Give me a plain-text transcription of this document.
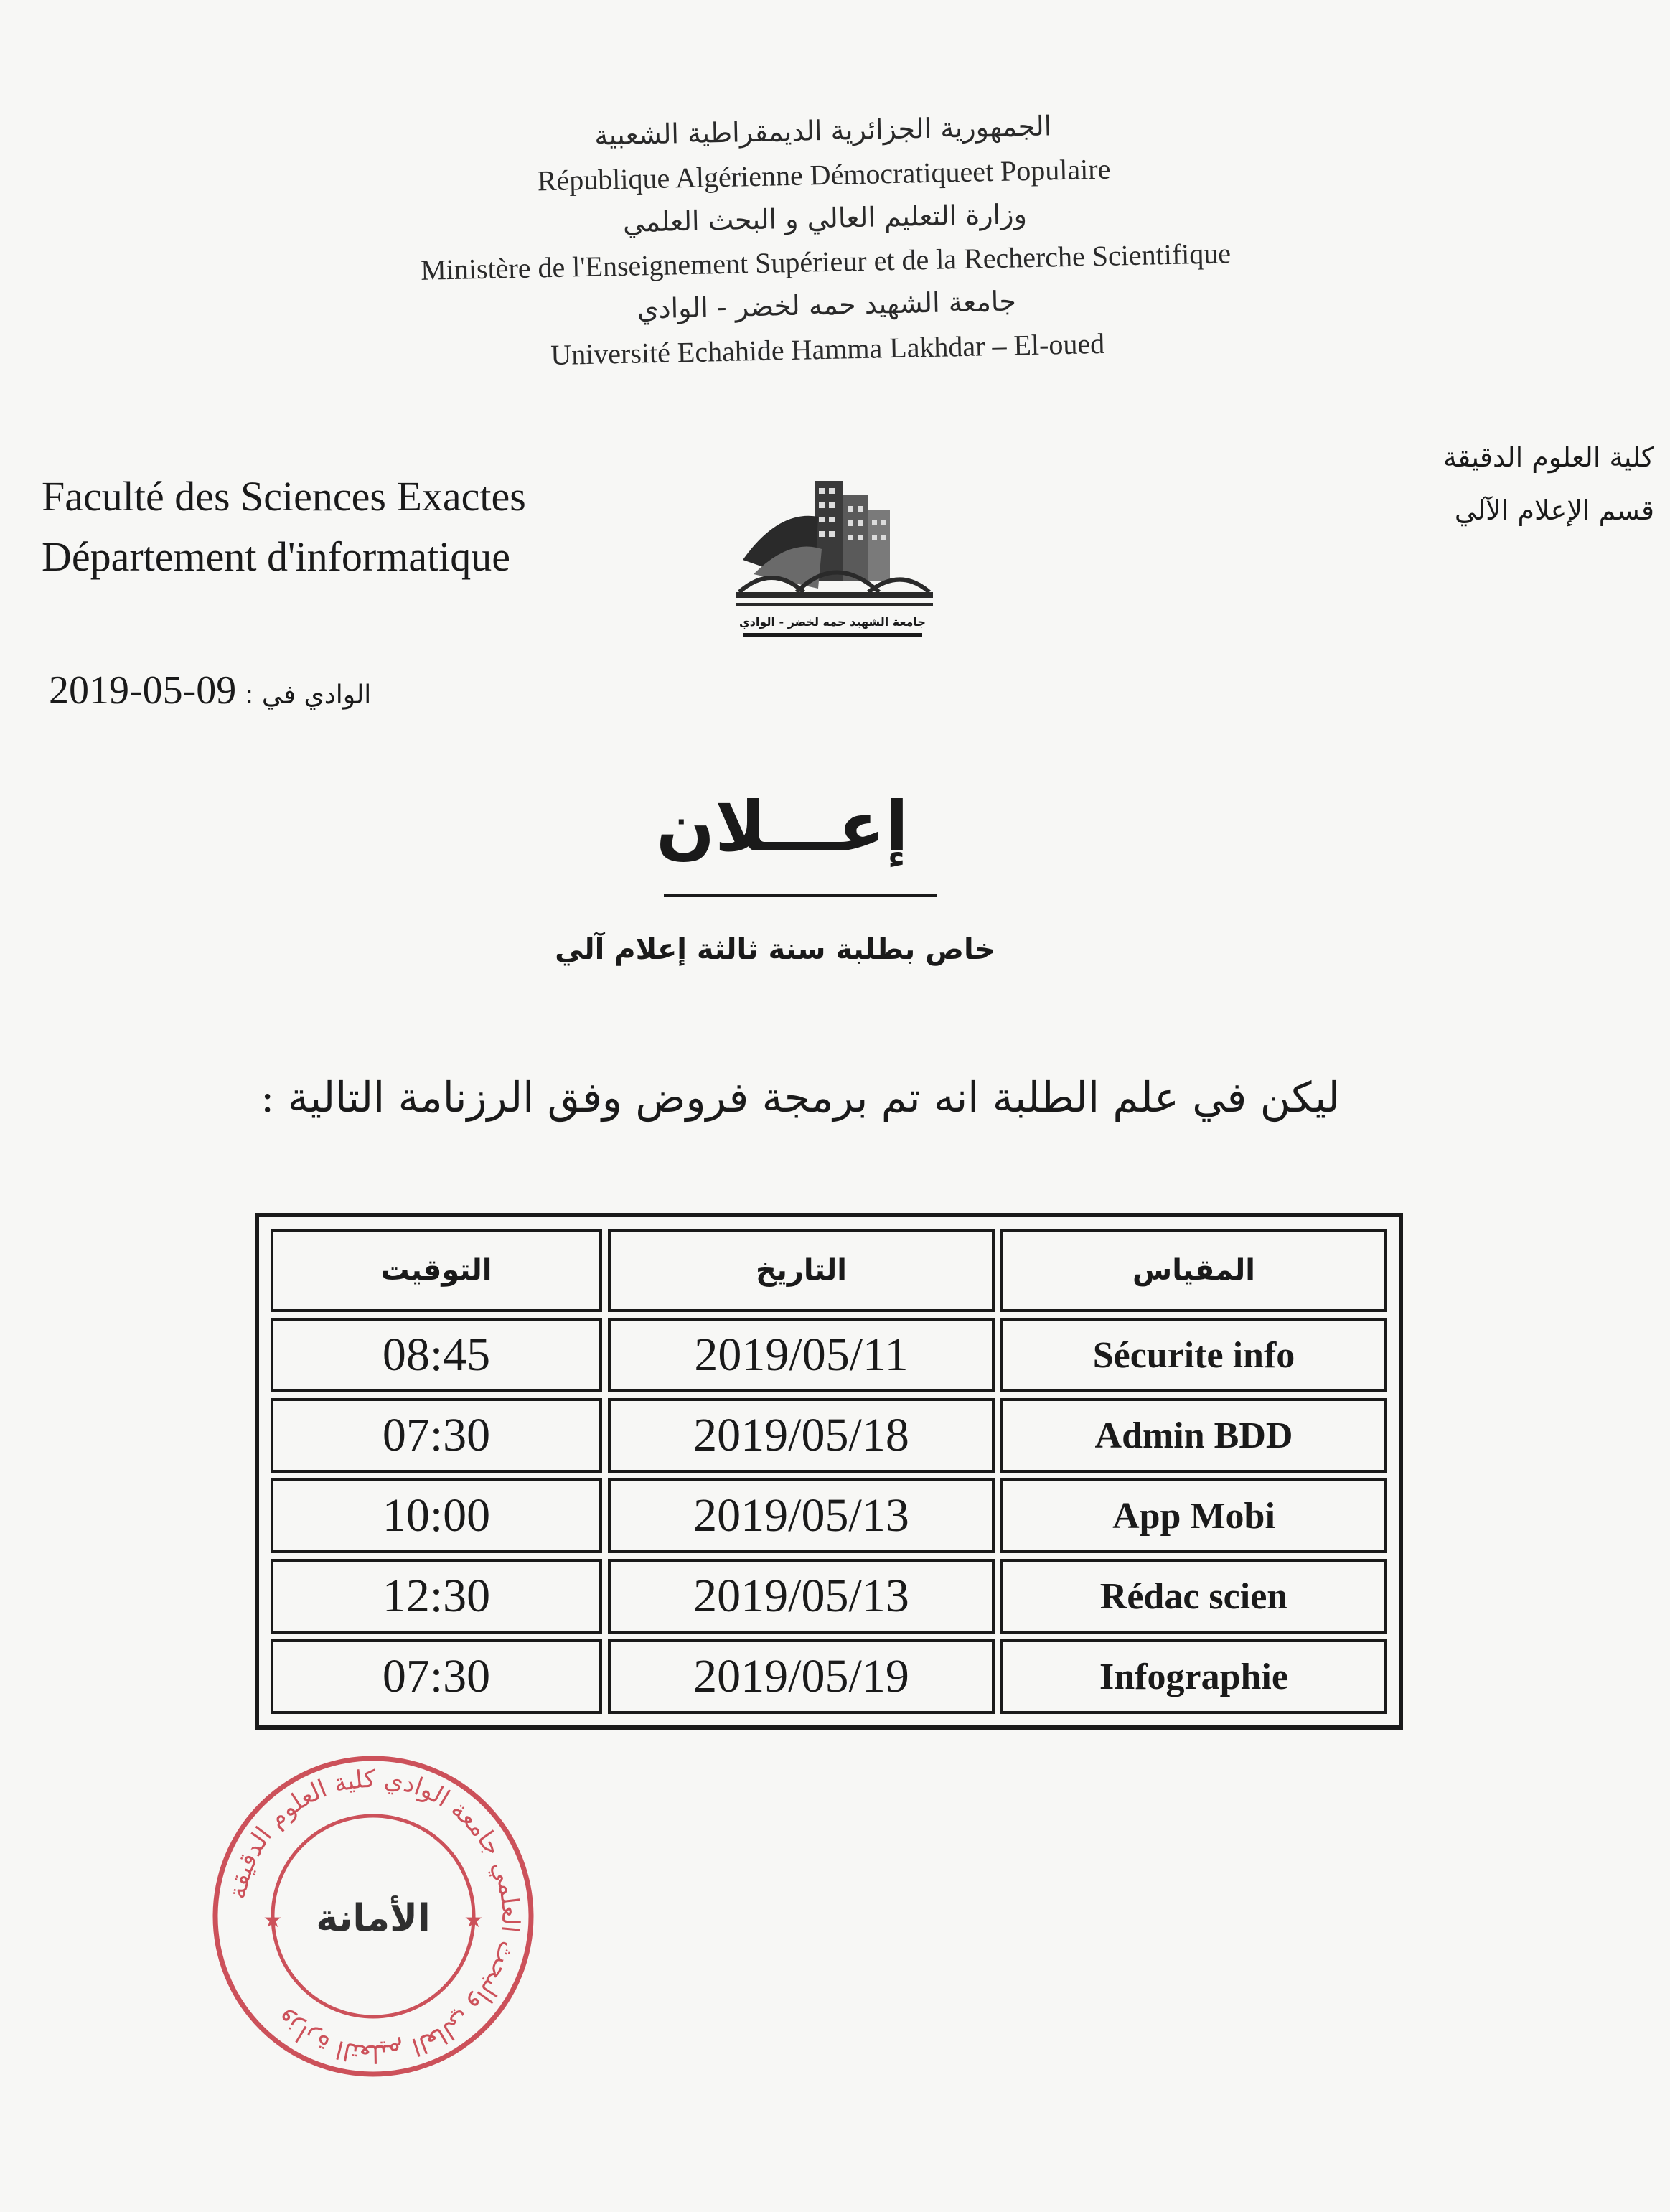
الجمهورية الجزائرية الديمقراطية الشعبية
République Algérienne Démocratiqueet Populaire
وزارة التعليم العالي و البحث العلمي
Ministère de l'Enseignement Supérieur et de la Recherche Scientifique
جامعة الشهيد حمه لخضر - الوادي
Université Echahide Hamma Lakhdar – El-oued
Faculté des Sciences Exactes
Département d'informatique
كلية العلوم الدقيقة
قسم الإعلام الآلي
جامعة الشهيد حمه لخضر - الوادي
2019-05-09 الوادي في :
إعـــلان
خاص بطلبة سنة ثالثة إعلام آلي
ليكن في علم الطلبة انه تم برمجة فروض وفق الرزنامة التالية :
التوقيت	التاريخ	المقياس
08:45	2019/05/11	Sécurite info
07:30	2019/05/18	Admin BDD
10:00	2019/05/13	App Mobi
12:30	2019/05/13	Rédac scien
07:30	2019/05/19	Infographie
وزارة التعليم العالي والبحث العلمي جامعة الوادي كلية العلوم الدقيقة
★	★
الأمانة
